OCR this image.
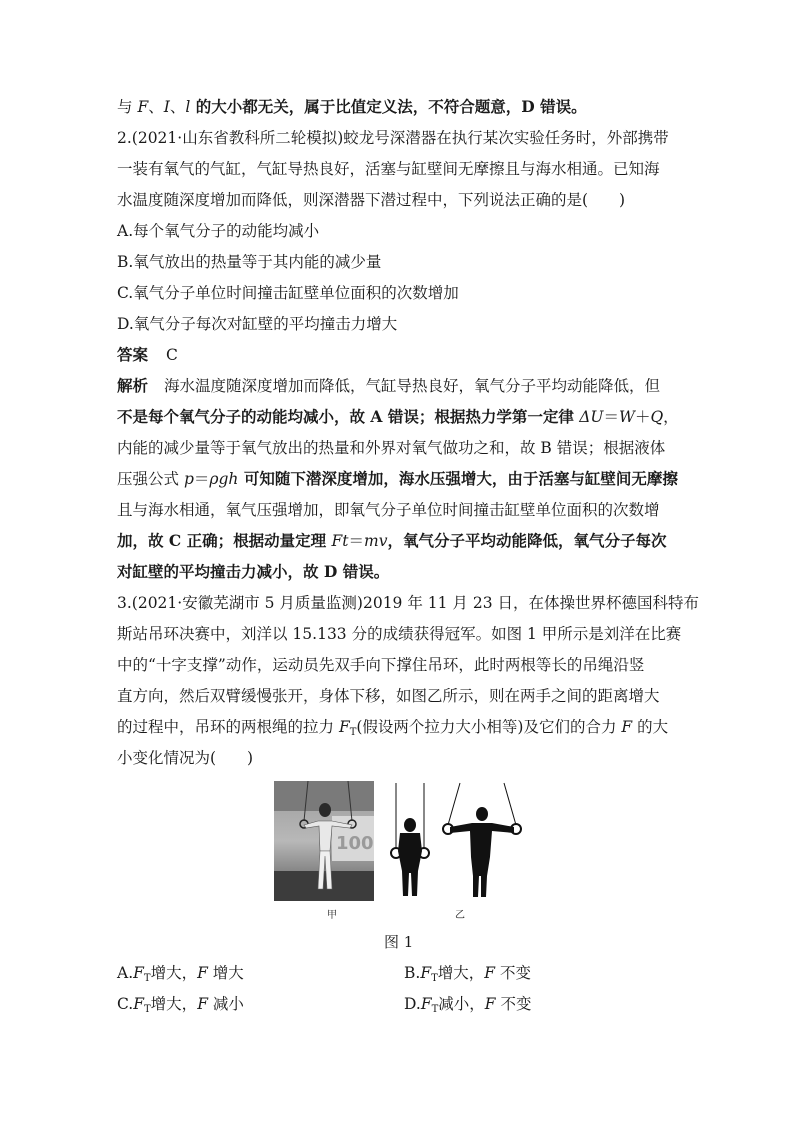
与 F、I、l 的大小都无关，属于比值定义法，不符合题意，D 错误。
2.(2021·山东省教科所二轮模拟)蛟龙号深潜器在执行某次实验任务时，外部携带
一装有氧气的气缸，气缸导热良好，活塞与缸壁间无摩擦且与海水相通。已知海
水温度随深度增加而降低，则深潜器下潜过程中，下列说法正确的是(　　)
A.每个氧气分子的动能均减小
B.氧气放出的热量等于其内能的减少量
C.氧气分子单位时间撞击缸壁单位面积的次数增加
D.氧气分子每次对缸壁的平均撞击力增大
答案 C
解析 海水温度随深度增加而降低，气缸导热良好，氧气分子平均动能降低，但
不是每个氧气分子的动能均减小，故 A 错误；根据热力学第一定律 ΔU＝W＋Q，
内能的减少量等于氧气放出的热量和外界对氧气做功之和，故 B 错误；根据液体
压强公式 p＝ρgh 可知随下潜深度增加，海水压强增大，由于活塞与缸壁间无摩擦
且与海水相通，氧气压强增加，即氧气分子单位时间撞击缸壁单位面积的次数增
加，故 C 正确；根据动量定理 Ft＝mv，氧气分子平均动能降低，氧气分子每次
对缸壁的平均撞击力减小，故 D 错误。
3.(2021·安徽芜湖市 5 月质量监测)2019 年 11 月 23 日，在体操世界杯德国科特布
斯站吊环决赛中，刘洋以 15.133 分的成绩获得冠军。如图 1 甲所示是刘洋在比赛
中的“十字支撑”动作，运动员先双手向下撑住吊环，此时两根等长的吊绳沿竖
直方向，然后双臂缓慢张开，身体下移，如图乙所示，则在两手之间的距离增大
的过程中，吊环的两根绳的拉力 $F_T$(假设两个拉力大小相等)及它们的合力 F 的大
小变化情况为(　　)
100
甲	乙
图 1
$A.F_T$增大，F 增大	$B.F_T$增大，F 不变
$C.F_T$增大，F 减小	$D.F_T$减小，F 不变
